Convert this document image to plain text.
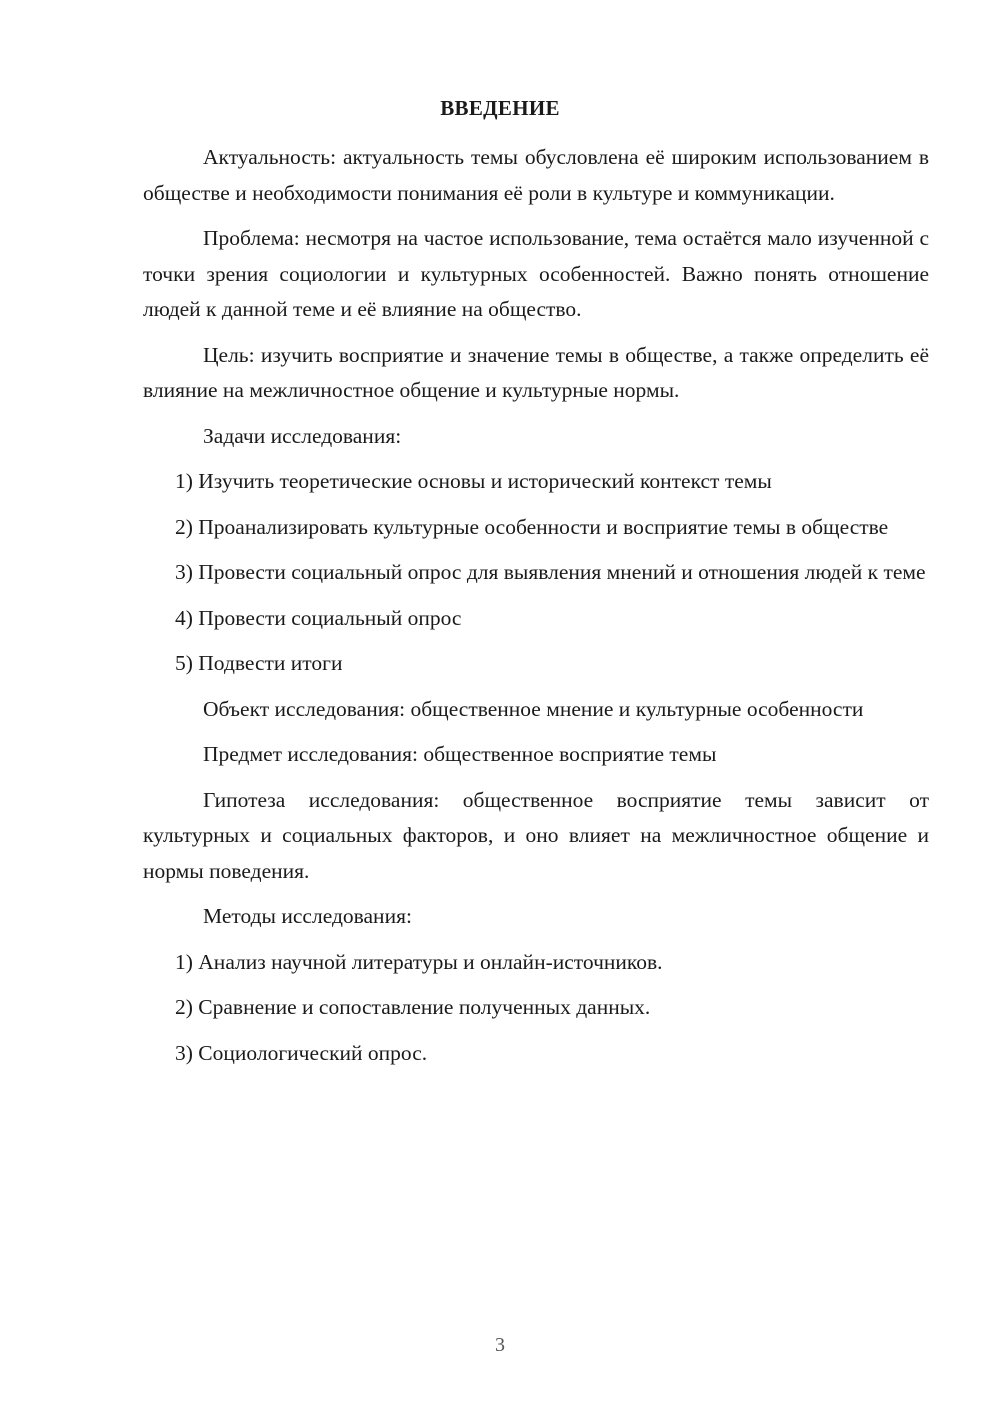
ВВЕДЕНИЕ

Актуальность: актуальность темы обусловлена её широким использованием в обществе и необходимости понимания её роли в культуре и коммуникации.

Проблема: несмотря на частое использование, тема остаётся мало изученной с точки зрения социологии и культурных особенностей. Важно понять отношение людей к данной теме и её влияние на общество.

Цель: изучить восприятие и значение темы в обществе, а также определить её влияние на межличностное общение и культурные нормы.

Задачи исследования:

1) Изучить теоретические основы и исторический контекст темы

2) Проанализировать культурные особенности и восприятие темы в обществе

3) Провести социальный опрос для выявления мнений и отношения людей к теме

4) Провести социальный опрос

5) Подвести итоги

Объект исследования: общественное мнение и культурные особенности

Предмет исследования: общественное восприятие темы

Гипотеза исследования: общественное восприятие темы зависит от культурных и социальных факторов, и оно влияет на межличностное общение и нормы поведения.

Методы исследования:

1) Анализ научной литературы и онлайн-источников.

2) Сравнение и сопоставление полученных данных.

3) Социологический опрос.

3
